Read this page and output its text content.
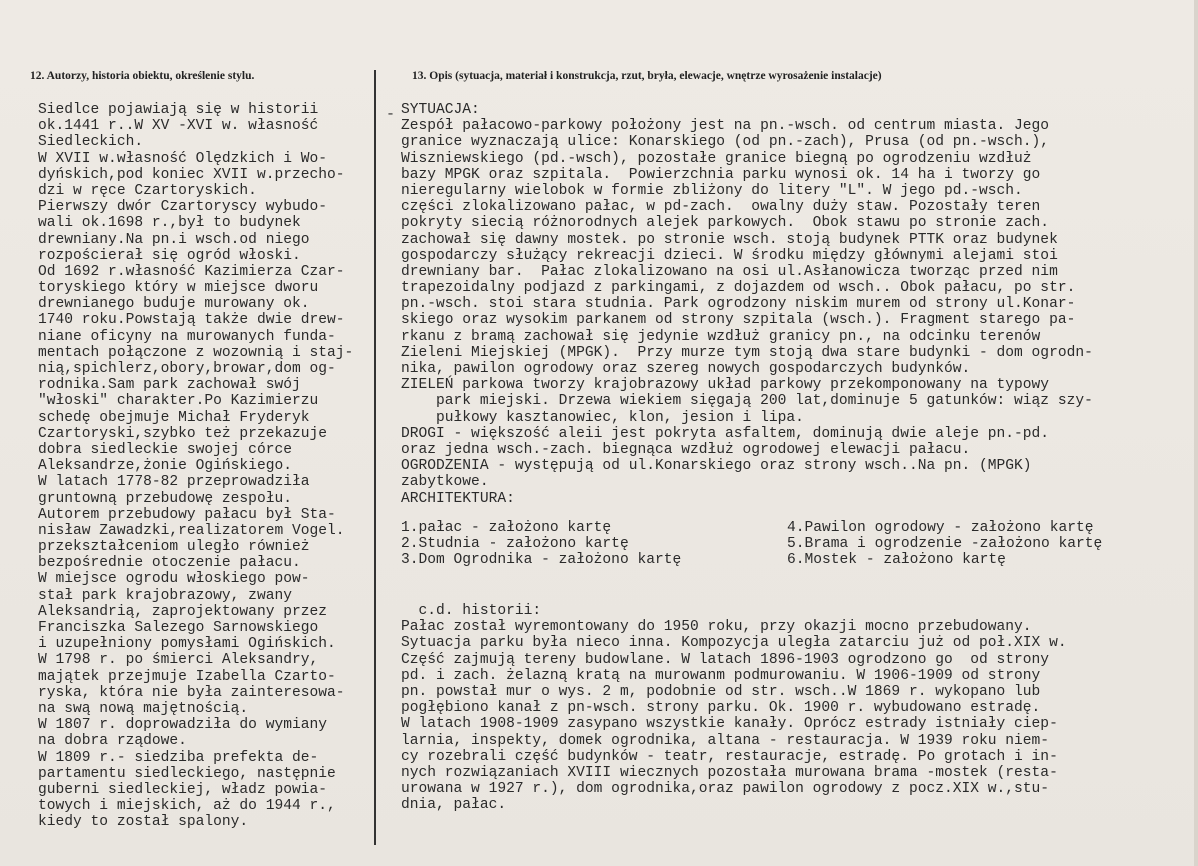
12. Autorzy, historia obiektu, określenie stylu.	13. Opis (sytuacja, materiał i konstrukcja, rzut, bryła, elewacje, wnętrze wyrosażenie instalacje)
-
Siedlce pojawiają się w historii
ok.1441 r..W XV -XVI w. własność
Siedleckich.
W XVII w.własność Olędzkich i Wo-
dyńskich,pod koniec XVII w.przecho-
dzi w ręce Czartoryskich.
Pierwszy dwór Czartoryscy wybudo-
wali ok.1698 r.,był to budynek
drewniany.Na pn.i wsch.od niego
rozpościerał się ogród włoski.
Od 1692 r.własność Kazimierza Czar-
toryskiego który w miejsce dworu
drewnianego buduje murowany ok.
1740 roku.Powstają także dwie drew-
niane oficyny na murowanych fundа-
mentach połączone z wozownią i staj-
nią,spichlerz,obory,browar,dom og-
rodnika.Sam park zachował swój
"włoski" charakter.Po Kazimierzu
schedę obejmuje Michał Fryderyk
Czartoryski,szybko też przekazuje
dobra siedleckie swojej córce
Aleksandrze,żonie Ogińskiego.
W latach 1778-82 przeprowadziła
gruntowną przebudowę zespołu.
Autorem przebudowy pałacu był Sta-
nisław Zawadzki,realizatorem Vogel.
przekształceniom uległo również
bezpośrednie otoczenie pałacu.
W miejsce ogrodu włoskiego pow-
stał park krajobrazowy, zwany
Aleksandrią, zaprojektowany przez
Franciszka Salezego Sarnowskiego
i uzupełniony pomysłami Ogińskich.
W 1798 r. po śmierci Aleksandry,
majątek przejmuje Izabella Czarto-
ryska, która nie była zainteresowa-
na swą nową majętnością.
W 1807 r. doprowadziła do wymiany
na dobra rządowe.
W 1809 r.- siedziba prefekta de-
partamentu siedleckiego, następnie
guberni siedleckiej, władz powia-
towych i miejskich, aż do 1944 r.,
kiedy to został spalony.
SYTUACJA:
Zespół pałacowo-parkowy położony jest na pn.-wsch. od centrum miasta. Jego
granice wyznaczają ulice: Konarskiego (od pn.-zach), Prusa (od pn.-wsch.),
Wiszniewskiego (pd.-wsch), pozostałe granice biegną po ogrodzeniu wzdłuż
bazy MPGK oraz szpitala.  Powierzchnia parku wynosi ok. 14 ha i tworzy go
nieregularny wielobok w formie zbliżony do litery "L". W jego pd.-wsch.
części zlokalizowano pałac, w pd-zach.  owalny duży staw. Pozostały teren
pokryty siecią różnorodnych alejek parkowych.  Obok stawu po stronie zach.
zachował się dawny mostek. po stronie wsch. stoją budynek PTTK oraz budynek
gospodarczy służący rekreacji dzieci. W środku między głównymi alejami stoi
drewniany bar.  Pałac zlokalizowano na osi ul.Asłanowicza tworząc przed nim
trapezoidalny podjazd z parkingami, z dojazdem od wsch.. Obok pałacu, po str.
pn.-wsch. stoi stara studnia. Park ogrodzony niskim murem od strony ul.Konar-
skiego oraz wysokim parkanem od strony szpitala (wsch.). Fragment starego pa-
rkanu z bramą zachował się jedynie wzdłuż granicy pn., na odcinku terenów
Zieleni Miejskiej (MPGK).  Przy murze tym stoją dwa stare budynki - dom ogrodn-
nika, pawilon ogrodowy oraz szereg nowych gospodarczych budynków.
ZIELEŃ parkowa tworzy krajobrazowy układ parkowy przekomponowany na typowy
park miejski. Drzewa wiekiem sięgają 200 lat,dominuje 5 gatunków: wiąz szy-
pułkowy kasztanowiec, klon, jesion i lipa.
DROGI - większość aleii jest pokryta asfaltem, dominują dwie aleje pn.-pd.
oraz jedna wsch.-zach. biegnąca wzdłuż ogrodowej elewacji pałacu.
OGRODZENIA - występują od ul.Konarskiego oraz strony wsch..Na pn. (MPGK)
zabytkowe.
ARCHITEKTURA:
1.pałac - założono kartę	4.Pawilon ogrodowy - założono kartę
2.Studnia - założono kartę	5.Brama i ogrodzenie -założono kartę
3.Dom Ogrodnika - założono kartę	6.Mostek - założono kartę
c.d. historii:
Pałac został wyremontowany do 1950 roku, przy okazji mocno przebudowany.
Sytuacja parku była nieco inna. Kompozycja uległa zatarciu już od poł.XIX w.
Część zajmują tereny budowlane. W latach 1896-1903 ogrodzono go  od strony
pd. i zach. żelazną kratą na murowanm podmurowaniu. W 1906-1909 od strony
pn. powstał mur o wys. 2 m, podobnie od str. wsch..W 1869 r. wykopano lub
pogłębiono kanał z pn-wsch. strony parku. Ok. 1900 r. wybudowano estradę.
W latach 1908-1909 zasypano wszystkie kanały. Oprócz estrady istniały ciep-
larnia, inspekty, domek ogrodnika, altana - restauracja. W 1939 roku niem-
cy rozebrali część budynków - teatr, restauracje, estradę. Po grotach i in-
nych rozwiązaniach XVIII wiecznych pozostała murowana brama -mostek (resta-
urowana w 1927 r.), dom ogrodnika,oraz pawilon ogrodowy z pocz.XIX w.,stu-
dnia, pałac.
